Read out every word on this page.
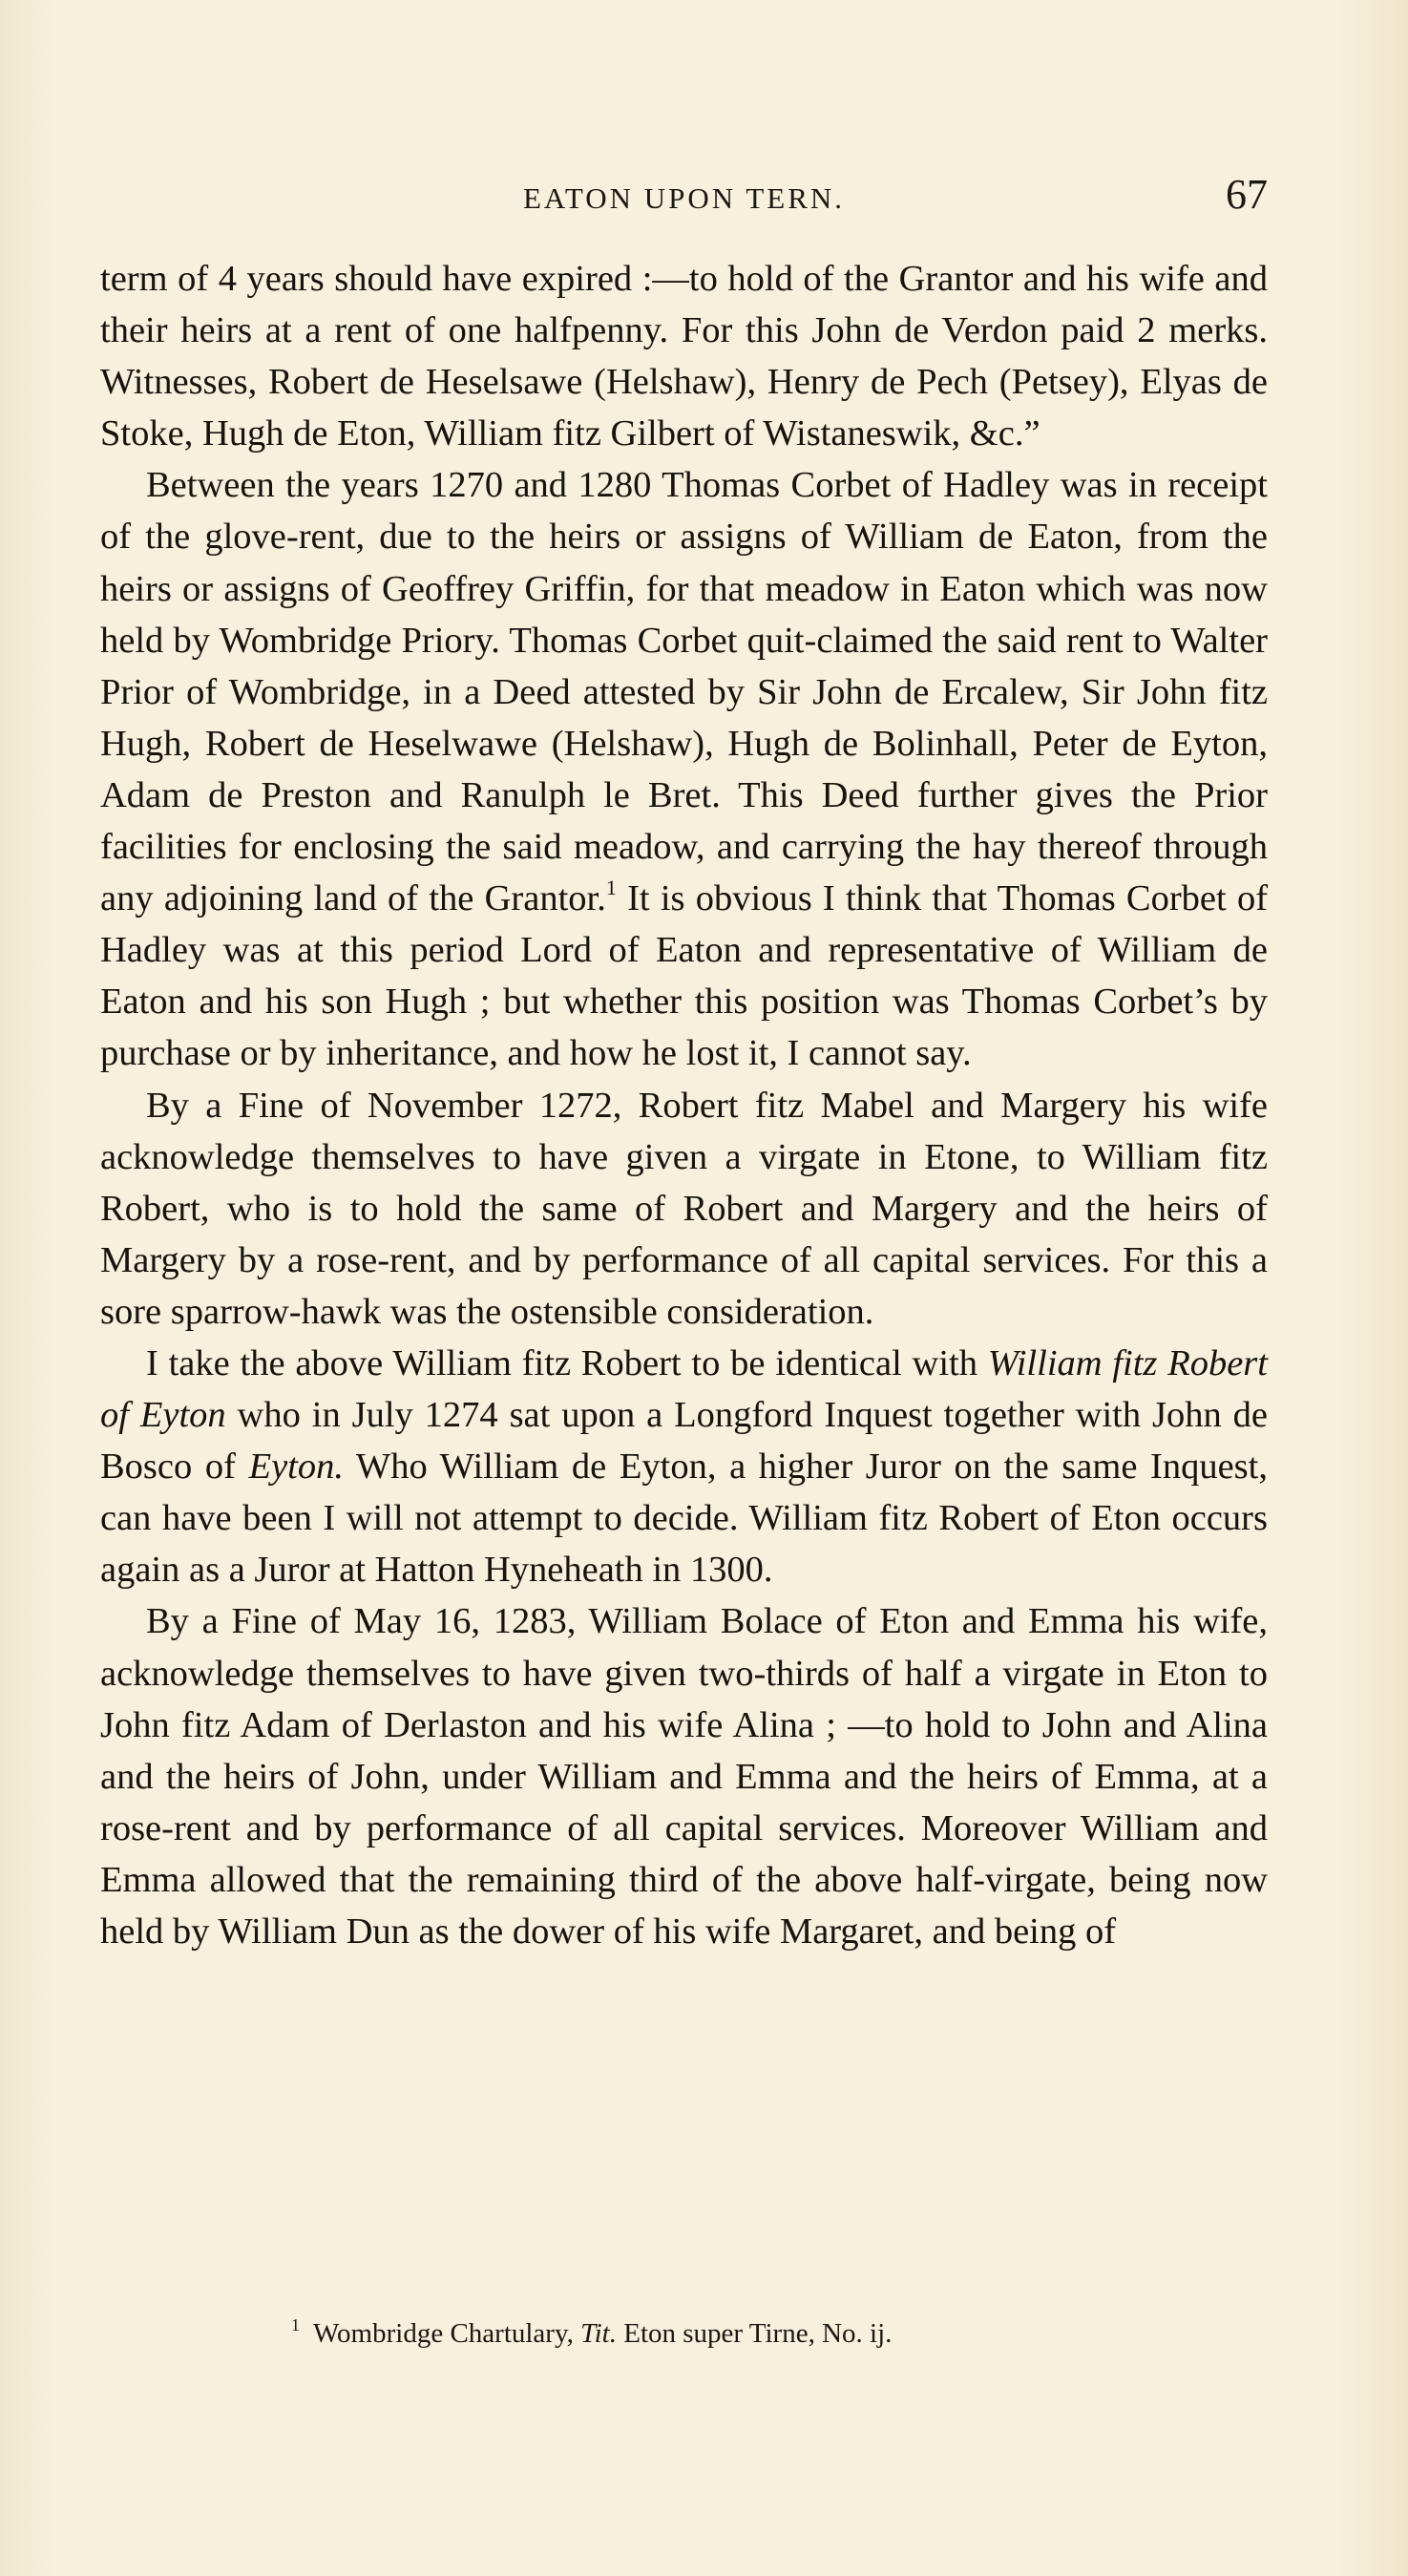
EATON UPON TERN.	67

term of 4 years should have expired :—to hold of the Grantor and his wife and their heirs at a rent of one halfpenny. For this John de Verdon paid 2 merks. Witnesses, Robert de Heselsawe (Helshaw), Henry de Pech (Petsey), Elyas de Stoke, Hugh de Eton, William fitz Gilbert of Wistaneswik, &c.”

Between the years 1270 and 1280 Thomas Corbet of Hadley was in receipt of the glove-rent, due to the heirs or assigns of William de Eaton, from the heirs or assigns of Geoffrey Griffin, for that meadow in Eaton which was now held by Wombridge Priory. Thomas Corbet quit-claimed the said rent to Walter Prior of Wombridge, in a Deed attested by Sir John de Ercalew, Sir John fitz Hugh, Robert de Heselwawe (Helshaw), Hugh de Bolinhall, Peter de Eyton, Adam de Preston and Ranulph le Bret. This Deed further gives the Prior facilities for enclosing the said meadow, and carrying the hay thereof through any adjoining land of the Grantor.$^1$ It is obvious I think that Thomas Corbet of Hadley was at this period Lord of Eaton and representative of William de Eaton and his son Hugh ; but whether this position was Thomas Corbet’s by purchase or by inheritance, and how he lost it, I cannot say.

By a Fine of November 1272, Robert fitz Mabel and Margery his wife acknowledge themselves to have given a virgate in Etone, to William fitz Robert, who is to hold the same of Robert and Margery and the heirs of Margery by a rose-rent, and by performance of all capital services. For this a sore sparrow-hawk was the ostensible consideration.

I take the above William fitz Robert to be identical with William fitz Robert of Eyton who in July 1274 sat upon a Longford Inquest together with John de Bosco of Eyton. Who William de Eyton, a higher Juror on the same Inquest, can have been I will not attempt to decide. William fitz Robert of Eton occurs again as a Juror at Hatton Hyneheath in 1300.

By a Fine of May 16, 1283, William Bolace of Eton and Emma his wife, acknowledge themselves to have given two-thirds of half a virgate in Eton to John fitz Adam of Derlaston and his wife Alina ; —to hold to John and Alina and the heirs of John, under William and Emma and the heirs of Emma, at a rose-rent and by performance of all capital services. Moreover William and Emma allowed that the remaining third of the above half-virgate, being now held by William Dun as the dower of his wife Margaret, and being of

$^1$ Wombridge Chartulary, Tit. Eton super Tirne, No. ij.
